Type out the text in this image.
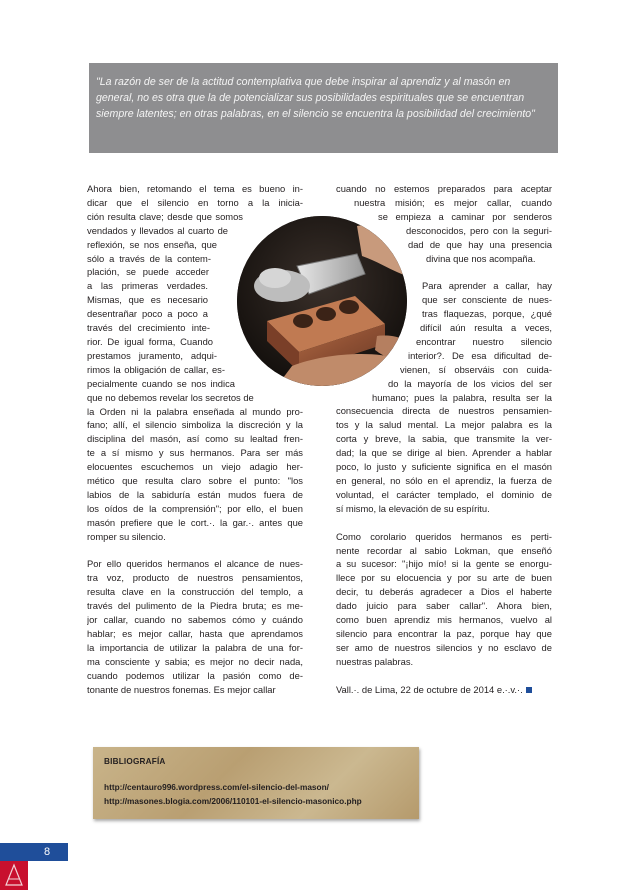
"La razón de ser de la actitud contemplativa que debe inspirar al aprendiz y al masón en general, no es otra que la de potencializar sus posibilidades espirituales que se encuentran siempre latentes; en otras palabras, en el silencio se encuentra la posibilidad del crecimiento"

Ahora bien, retomando el tema es bueno in-
dicar que el silencio en torno a la inicia-
ción resulta clave; desde que somos
vendados y llevados al cuarto de
reflexión, se nos enseña, que
sólo a través de la contem-
plación, se puede acceder
a las primeras verdades.
Mismas, que es necesario
desentrañar poco a poco a
través del crecimiento inte-
rior. De igual forma, Cuando
prestamos juramento, adqui-
rimos la obligación de callar, es-
pecialmente cuando se nos indica
que no debemos revelar los secretos de
la Orden ni la palabra enseñada al mundo pro-
fano; allí, el silencio simboliza la discreción y la
disciplina del masón, así como su lealtad fren-
te a sí mismo y sus hermanos. Para ser más
elocuentes escuchemos un viejo adagio her-
mético que resulta claro sobre el punto: "los
labios de la sabiduría están mudos fuera de
los oídos de la comprensión"; por ello, el buen
masón prefiere que le cort.·. la gar.·. antes que
romper su silencio.
Por ello queridos hermanos el alcance de nues-
tra voz, producto de nuestros pensamientos,
resulta clave en la construcción del templo, a
través del pulimento de la Piedra bruta; es me-
jor callar, cuando no sabemos cómo y cuándo
hablar; es mejor callar, hasta que aprendamos
la importancia de utilizar la palabra de una for-
ma consciente y sabia; es mejor no decir nada,
cuando podemos utilizar la pasión como de-
tonante de nuestros fonemas. Es mejor callar
cuando no estemos preparados para aceptar
nuestra misión; es mejor callar, cuando
se empieza a caminar por senderos
desconocidos, pero con la seguri-
dad de que hay una presencia
divina que nos acompaña.
Para aprender a callar, hay
que ser consciente de nues-
tras flaquezas, porque, ¿qué
difícil aún resulta a veces,
encontrar nuestro silencio
interior?. De esa dificultad de-
vienen, sí observáis con cuida-
do la mayoría de los vicios del ser
humano; pues la palabra, resulta ser la
consecuencia directa de nuestros pensamien-
tos y la salud mental. La mejor palabra es la
corta y breve, la sabia, que transmite la ver-
dad; la que se dirige al bien. Aprender a hablar
poco, lo justo y suficiente significa en el masón
en general, no sólo en el aprendiz, la fuerza de
voluntad, el carácter templado, el dominio de
sí mismo, la elevación de su espíritu.
Como corolario queridos hermanos es perti-
nente recordar al sabio Lokman, que enseñó
a su sucesor: "¡hijo mío! si la gente se enorgu-
llece por su elocuencia y por su arte de buen
decir, tu deberás agradecer a Dios el haberte
dado juicio para saber callar". Ahora bien,
como buen aprendiz mis hermanos, vuelvo al
silencio para encontrar la paz, porque hay que
ser amo de nuestros silencios y no esclavo de
nuestras palabras.
Vall.·. de Lima, 22 de octubre de 2014 e.·.v.·.

BIBLIOGRAFÍA

http://centauro996.wordpress.com/el-silencio-del-mason/

http://masones.blogia.com/2006/110101-el-silencio-masonico.php

8
